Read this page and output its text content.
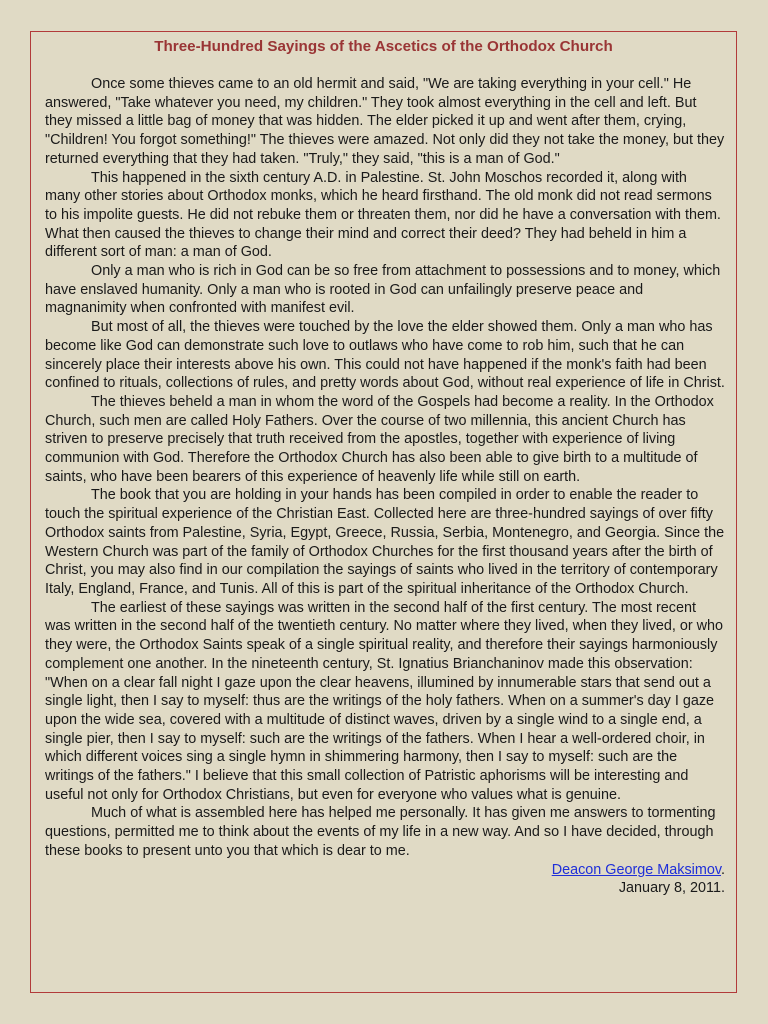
Three-Hundred Sayings of the Ascetics of the Orthodox Church

Once some thieves came to an old hermit and said, "We are taking everything in your cell." He answered, "Take whatever you need, my children." They took almost everything in the cell and left. But they missed a little bag of money that was hidden. The elder picked it up and went after them, crying, "Children! You forgot something!" The thieves were amazed. Not only did they not take the money, but they returned everything that they had taken. "Truly," they said, "this is a man of God."

This happened in the sixth century A.D. in Palestine. St. John Moschos recorded it, along with many other stories about Orthodox monks, which he heard firsthand. The old monk did not read sermons to his impolite guests. He did not rebuke them or threaten them, nor did he have a conversation with them. What then caused the thieves to change their mind and correct their deed? They had beheld in him a different sort of man: a man of God.

Only a man who is rich in God can be so free from attachment to possessions and to money, which have enslaved humanity. Only a man who is rooted in God can unfailingly preserve peace and magnanimity when confronted with manifest evil.

But most of all, the thieves were touched by the love the elder showed them. Only a man who has become like God can demonstrate such love to outlaws who have come to rob him, such that he can sincerely place their interests above his own. This could not have happened if the monk's faith had been confined to rituals, collections of rules, and pretty words about God, without real experience of life in Christ.

The thieves beheld a man in whom the word of the Gospels had become a reality. In the Orthodox Church, such men are called Holy Fathers. Over the course of two millennia, this ancient Church has striven to preserve precisely that truth received from the apostles, together with experience of living communion with God. Therefore the Orthodox Church has also been able to give birth to a multitude of saints, who have been bearers of this experience of heavenly life while still on earth.

The book that you are holding in your hands has been compiled in order to enable the reader to touch the spiritual experience of the Christian East. Collected here are three-hundred sayings of over fifty Orthodox saints from Palestine, Syria, Egypt, Greece, Russia, Serbia, Montenegro, and Georgia. Since the Western Church was part of the family of Orthodox Churches for the first thousand years after the birth of Christ, you may also find in our compilation the sayings of saints who lived in the territory of contemporary Italy, England, France, and Tunis. All of this is part of the spiritual inheritance of the Orthodox Church.

The earliest of these sayings was written in the second half of the first century. The most recent was written in the second half of the twentieth century. No matter where they lived, when they lived, or who they were, the Orthodox Saints speak of a single spiritual reality, and therefore their sayings harmoniously complement one another. In the nineteenth century, St. Ignatius Brianchaninov made this observation: "When on a clear fall night I gaze upon the clear heavens, illumined by innumerable stars that send out a single light, then I say to myself: thus are the writings of the holy fathers. When on a summer's day I gaze upon the wide sea, covered with a multitude of distinct waves, driven by a single wind to a single end, a single pier, then I say to myself: such are the writings of the fathers. When I hear a well-ordered choir, in which different voices sing a single hymn in shimmering harmony, then I say to myself: such are the writings of the fathers." I believe that this small collection of Patristic aphorisms will be interesting and useful not only for Orthodox Christians, but even for everyone who values what is genuine.

Much of what is assembled here has helped me personally. It has given me answers to tormenting questions, permitted me to think about the events of my life in a new way. And so I have decided, through these books to present unto you that which is dear to me.

Deacon George Maksimov.
January 8, 2011.
